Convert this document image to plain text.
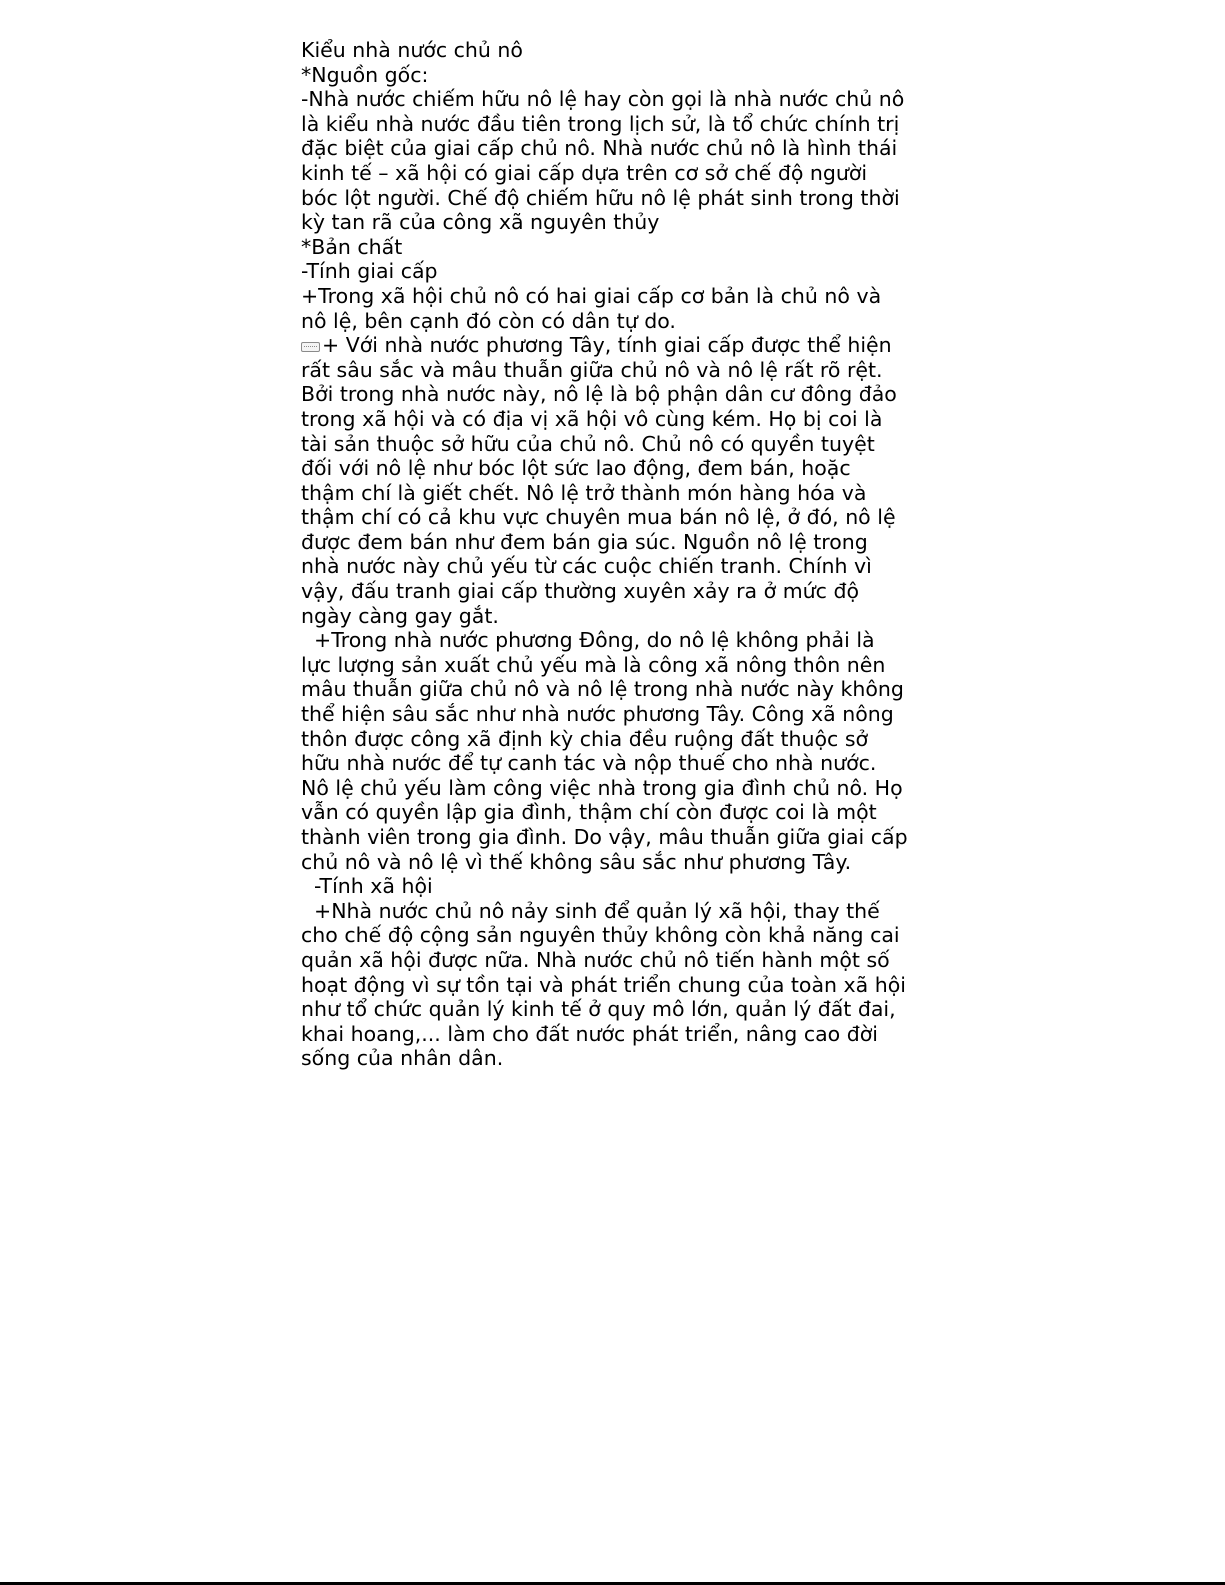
Kiểu nhà nước chủ nô
*Nguồn gốc:
-Nhà nước chiếm hữu nô lệ hay còn gọi là nhà nước chủ nô
là kiểu nhà nước đầu tiên trong lịch sử, là tổ chức chính trị
đặc biệt của giai cấp chủ nô. Nhà nước chủ nô là hình thái
kinh tế – xã hội có giai cấp dựa trên cơ sở chế độ người
bóc lột người. Chế độ chiếm hữu nô lệ phát sinh trong thời
kỳ tan rã của công xã nguyên thủy
*Bản chất
-Tính giai cấp
+Trong xã hội chủ nô có hai giai cấp cơ bản là chủ nô và
nô lệ, bên cạnh đó còn có dân tự do.
+ Với nhà nước phương Tây, tính giai cấp được thể hiện
rất sâu sắc và mâu thuẫn giữa chủ nô và nô lệ rất rõ rệt.
Bởi trong nhà nước này, nô lệ là bộ phận dân cư đông đảo
trong xã hội và có địa vị xã hội vô cùng kém. Họ bị coi là
tài sản thuộc sở hữu của chủ nô. Chủ nô có quyền tuyệt
đối với nô lệ như bóc lột sức lao động, đem bán, hoặc
thậm chí là giết chết. Nô lệ trở thành món hàng hóa và
thậm chí có cả khu vực chuyên mua bán nô lệ, ở đó, nô lệ
được đem bán như đem bán gia súc. Nguồn nô lệ trong
nhà nước này chủ yếu từ các cuộc chiến tranh. Chính vì
vậy, đấu tranh giai cấp thường xuyên xảy ra ở mức độ
ngày càng gay gắt.
+Trong nhà nước phương Đông, do nô lệ không phải là
lực lượng sản xuất chủ yếu mà là công xã nông thôn nên
mâu thuẫn giữa chủ nô và nô lệ trong nhà nước này không
thể hiện sâu sắc như nhà nước phương Tây. Công xã nông
thôn được công xã định kỳ chia đều ruộng đất thuộc sở
hữu nhà nước để tự canh tác và nộp thuế cho nhà nước.
Nô lệ chủ yếu làm công việc nhà trong gia đình chủ nô. Họ
vẫn có quyền lập gia đình, thậm chí còn được coi là một
thành viên trong gia đình. Do vậy, mâu thuẫn giữa giai cấp
chủ nô và nô lệ vì thế không sâu sắc như phương Tây.
-Tính xã hội
+Nhà nước chủ nô nảy sinh để quản lý xã hội, thay thế
cho chế độ cộng sản nguyên thủy không còn khả năng cai
quản xã hội được nữa. Nhà nước chủ nô tiến hành một số
hoạt động vì sự tồn tại và phát triển chung của toàn xã hội
như tổ chức quản lý kinh tế ở quy mô lớn, quản lý đất đai,
khai hoang,... làm cho đất nước phát triển, nâng cao đời
sống của nhân dân.
